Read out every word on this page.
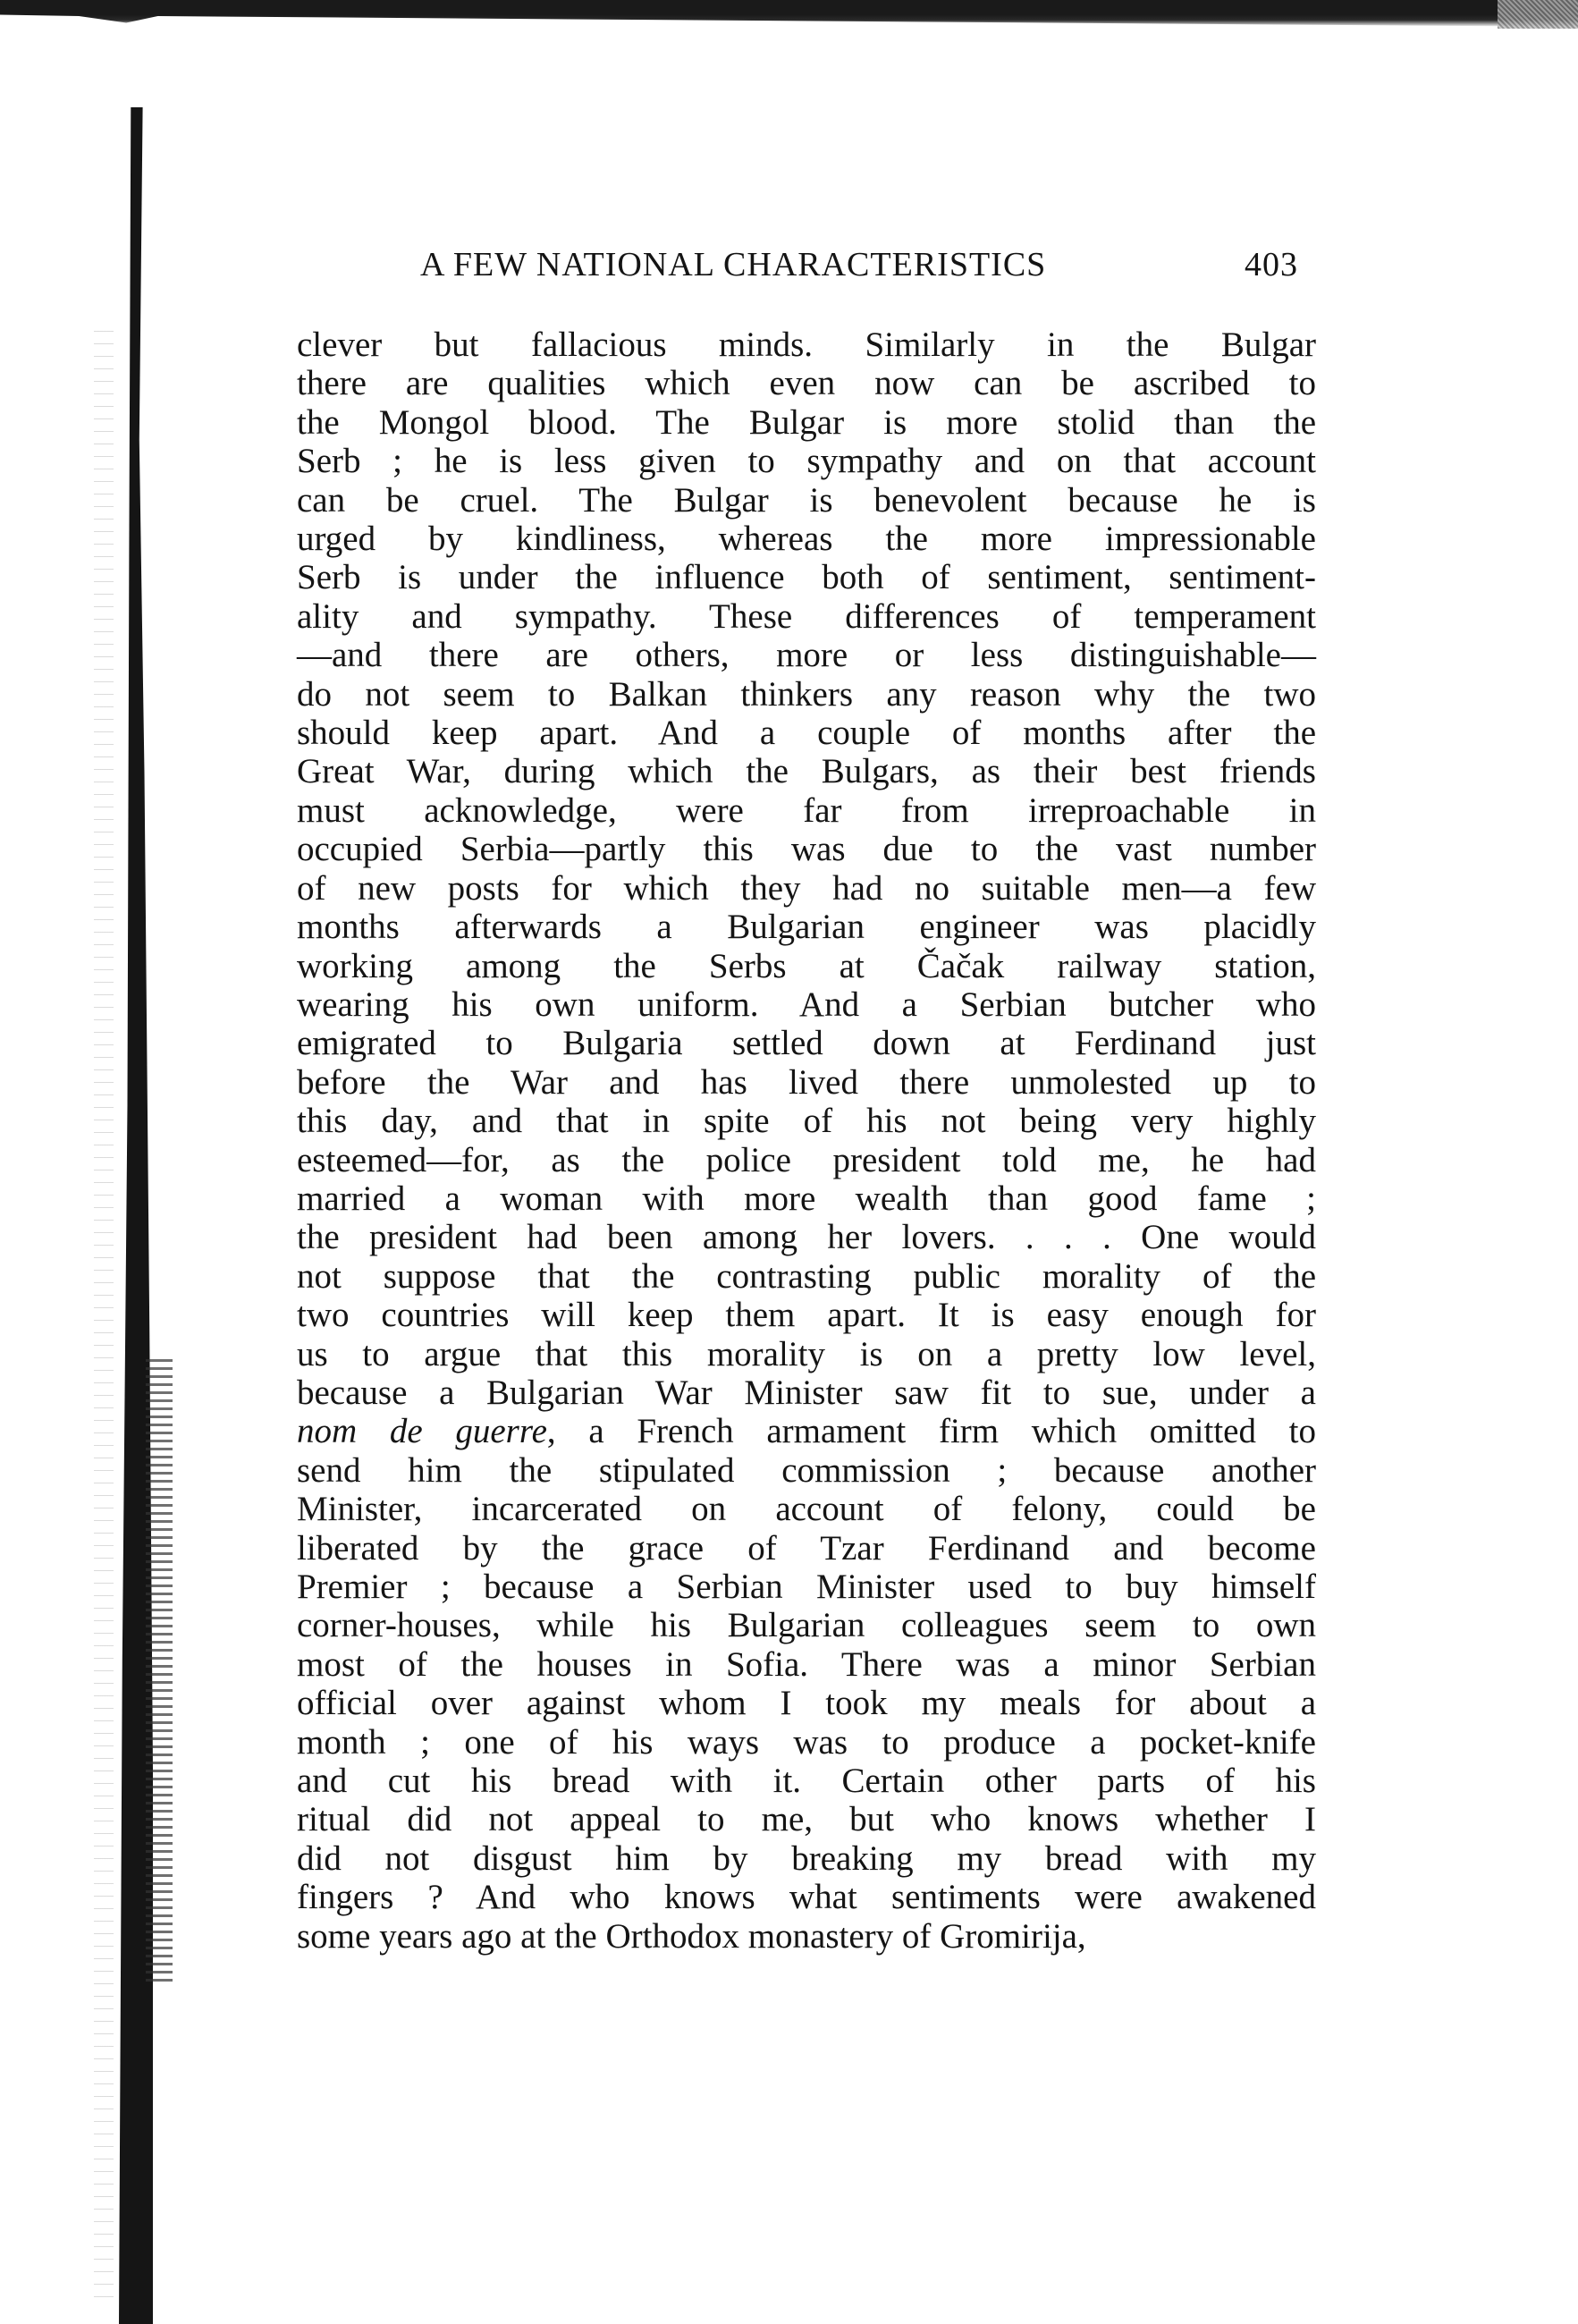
A FEW NATIONAL CHARACTERISTICS	403

clever but fallacious minds. Similarly in the Bulgar
there are qualities which even now can be ascribed to
the Mongol blood. The Bulgar is more stolid than the
Serb ; he is less given to sympathy and on that account
can be cruel. The Bulgar is benevolent because he is
urged by kindliness, whereas the more impressionable
Serb is under the influence both of sentiment, sentiment-
ality and sympathy. These differences of temperament
—and there are others, more or less distinguishable—
do not seem to Balkan thinkers any reason why the two
should keep apart. And a couple of months after the
Great War, during which the Bulgars, as their best friends
must acknowledge, were far from irreproachable in
occupied Serbia—partly this was due to the vast number
of new posts for which they had no suitable men—a few
months afterwards a Bulgarian engineer was placidly
working among the Serbs at Čačak railway station,
wearing his own uniform. And a Serbian butcher who
emigrated to Bulgaria settled down at Ferdinand just
before the War and has lived there unmolested up to
this day, and that in spite of his not being very highly
esteemed—for, as the police president told me, he had
married a woman with more wealth than good fame ;
the president had been among her lovers. . . . One would
not suppose that the contrasting public morality of the
two countries will keep them apart. It is easy enough for
us to argue that this morality is on a pretty low level,
because a Bulgarian War Minister saw fit to sue, under a
nom de guerre, a French armament firm which omitted to
send him the stipulated commission ; because another
Minister, incarcerated on account of felony, could be
liberated by the grace of Tzar Ferdinand and become
Premier ; because a Serbian Minister used to buy himself
corner-houses, while his Bulgarian colleagues seem to own
most of the houses in Sofia. There was a minor Serbian
official over against whom I took my meals for about a
month ; one of his ways was to produce a pocket-knife
and cut his bread with it. Certain other parts of his
ritual did not appeal to me, but who knows whether I
did not disgust him by breaking my bread with my
fingers ? And who knows what sentiments were awakened
some years ago at the Orthodox monastery of Gromirija,
